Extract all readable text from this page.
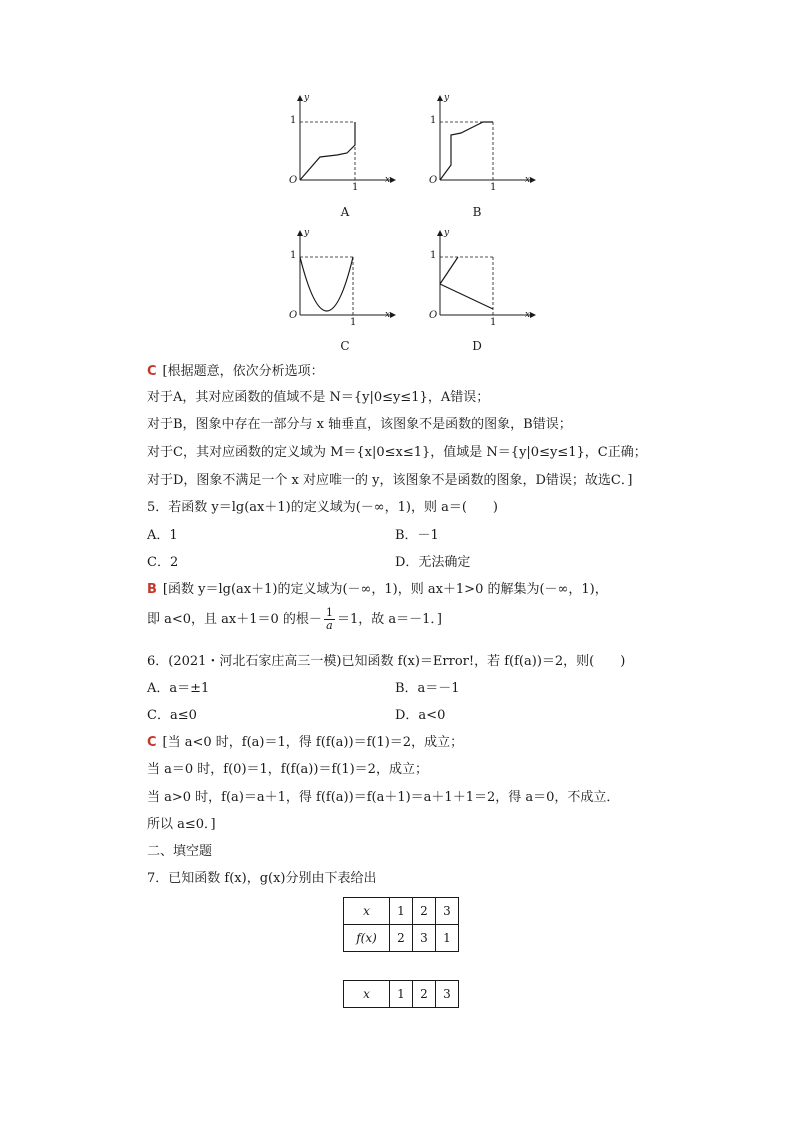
y
x
O
1
1
A
y
x
O
1
1
B
y
x
O
1
1
C
y
x
O
1
1
D
C [根据题意，依次分析选项：
对于A，其对应函数的值域不是 N＝{y|0≤y≤1}，A错误；
对于B，图象中存在一部分与 x 轴垂直，该图象不是函数的图象，B错误；
对于C，其对应函数的定义域为 M＝{x|0≤x≤1}，值域是 N＝{y|0≤y≤1}，C正确；
对于D，图象不满足一个 x 对应唯一的 y，该图象不是函数的图象，D错误；故选C．]
5．若函数 y＝lg(ax＋1)的定义域为(－∞，1)，则 a＝(　　)
A．1	B．－1
C．2	D．无法确定
B [函数 y＝lg(ax＋1)的定义域为(－∞，1)，则 ax＋1>0 的解集为(－∞，1)，
即 a<0，且 ax＋1＝0 的根－ $\frac{1}{a} =1$，故 a＝－1．]
6．(2021・河北石家庄高三一模)已知函数 f(x)＝Error!，若 f(f(a))＝2，则(　　)
A．a＝±1	B．a＝－1
C．a≤0	D．a<0
C [当 a<0 时，f(a)＝1，得 f(f(a))＝f(1)＝2，成立；
当 a＝0 时，f(0)＝1，f(f(a))＝f(1)＝2，成立；
当 a>0 时，f(a)＝a＋1，得 f(f(a))＝f(a＋1)＝a＋1＋1＝2，得 a＝0，不成立．
所以 a≤0．]
二、填空题
7．已知函数 f(x)，g(x)分别由下表给出
x	1	2	3
f(x)	2	3	1
x	1	2	3
